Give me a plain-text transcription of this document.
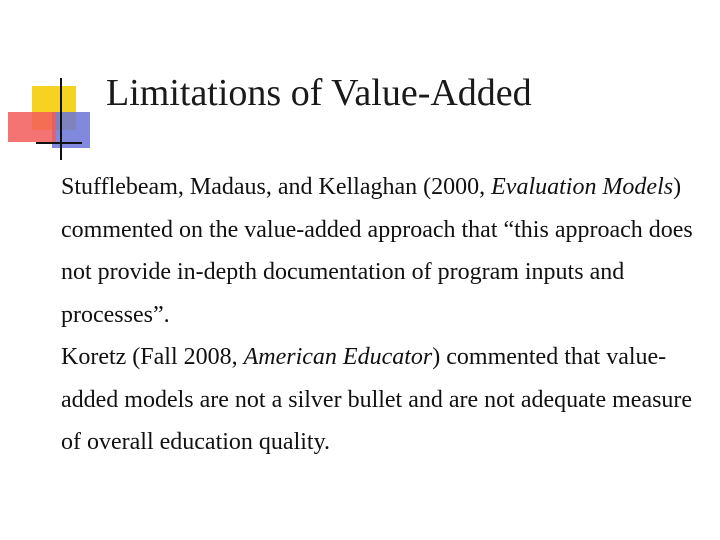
Limitations of Value-Added

Stufflebeam, Madaus, and Kellaghan (2000, Evaluation Models) commented on the value-added approach that “this approach does not provide in-depth documentation of program inputs and processes”.

Koretz (Fall 2008, American Educator) commented that value-added models are not a silver bullet and are not adequate measure of overall education quality.
